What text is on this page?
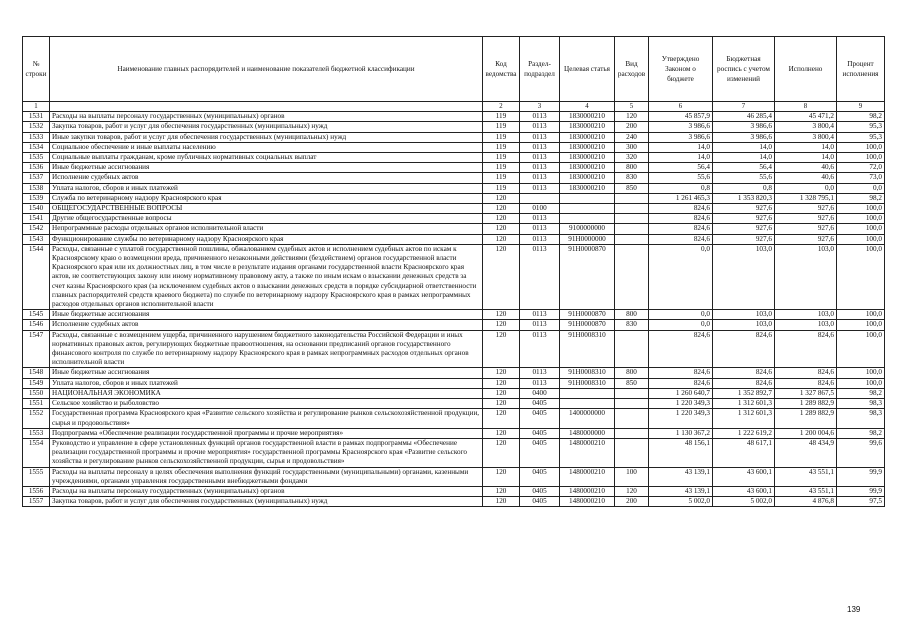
№ строки	Наименование главных распорядителей и наименование показателей бюджетной классификации	Код ведомства	Раздел-подраздел	Целевая статья	Вид расходов	Утверждено Законом о бюджете	Бюджетная роспись с учетом изменений	Исполнено	Процент исполнения
1		2	3	4	5	6	7	8	9
1531	Расходы на выплаты персоналу государственных (муниципальных) органов	119	0113	1830000210	120	45 857,9	46 285,4	45 471,2	98,2
1532	Закупка товаров, работ и услуг для обеспечения государственных (муниципальных) нужд	119	0113	1830000210	200	3 986,6	3 986,6	3 800,4	95,3
1533	Иные закупки товаров, работ и услуг для обеспечения государственных (муниципальных) нужд	119	0113	1830000210	240	3 986,6	3 986,6	3 800,4	95,3
1534	Социальное обеспечение и иные выплаты населению	119	0113	1830000210	300	14,0	14,0	14,0	100,0
1535	Социальные выплаты гражданам, кроме публичных нормативных социальных выплат	119	0113	1830000210	320	14,0	14,0	14,0	100,0
1536	Иные бюджетные ассигнования	119	0113	1830000210	800	56,4	56,4	40,6	72,0
1537	Исполнение судебных актов	119	0113	1830000210	830	55,6	55,6	40,6	73,0
1538	Уплата налогов, сборов и иных платежей	119	0113	1830000210	850	0,8	0,8	0,0	0,0
1539	Служба по ветеринарному надзору Красноярского края	120				1 261 465,3	1 353 820,3	1 328 795,1	98,2
1540	ОБЩЕГОСУДАРСТВЕННЫЕ ВОПРОСЫ	120	0100			824,6	927,6	927,6	100,0
1541	Другие общегосударственные вопросы	120	0113			824,6	927,6	927,6	100,0
1542	Непрограммные расходы отдельных органов исполнительной власти	120	0113	9100000000		824,6	927,6	927,6	100,0
1543	Функционирование службы по ветеринарному надзору Красноярского края	120	0113	91H0000000		824,6	927,6	927,6	100,0
1544	Расходы, связанные с уплатой государственной пошлины, обжалованием судебных актов и исполнением судебных актов по искам к Красноярскому краю о возмещении вреда, причиненного незаконными действиями (бездействием) органов государственной власти Красноярского края или их должностных лиц, в том числе в результате издания органами государственной власти Красноярского края актов, не соответствующих закону или иному нормативному правовому акту, а также по иным искам о взыскании денежных средств за счет казны Красноярского края (за исключением судебных актов о взыскании денежных средств в порядке субсидиарной ответственности главных распорядителей средств краевого бюджета) по службе по ветеринарному надзору Красноярского края в рамках непрограммных расходов отдельных органов исполнительной власти	120	0113	91H0000870		0,0	103,0	103,0	100,0
1545	Иные бюджетные ассигнования	120	0113	91H0000870	800	0,0	103,0	103,0	100,0
1546	Исполнение судебных актов	120	0113	91H0000870	830	0,0	103,0	103,0	100,0
1547	Расходы, связанные с возмещением ущерба, причиненного нарушением бюджетного законодательства Российской Федерации и иных нормативных правовых актов, регулирующих бюджетные правоотношения, на основании предписаний органов государственного финансового контроля по службе по ветеринарному надзору Красноярского края в рамках непрограммных расходов отдельных органов исполнительной власти	120	0113	91H0008310		824,6	824,6	824,6	100,0
1548	Иные бюджетные ассигнования	120	0113	91H0008310	800	824,6	824,6	824,6	100,0
1549	Уплата налогов, сборов и иных платежей	120	0113	91H0008310	850	824,6	824,6	824,6	100,0
1550	НАЦИОНАЛЬНАЯ ЭКОНОМИКА	120	0400			1 260 640,7	1 352 892,7	1 327 867,5	98,2
1551	Сельское хозяйство и рыболовство	120	0405			1 220 349,3	1 312 601,3	1 289 882,9	98,3
1552	Государственная программа Красноярского края «Развитие сельского хозяйства и регулирование рынков сельскохозяйственной продукции, сырья и продовольствия»	120	0405	1400000000		1 220 349,3	1 312 601,3	1 289 882,9	98,3
1553	Подпрограмма «Обеспечение реализации государственной программы и прочие мероприятия»	120	0405	1480000000		1 130 367,2	1 222 619,2	1 200 004,6	98,2
1554	Руководство и управление в сфере установленных функций органов государственной власти в рамках подпрограммы «Обеспечение реализации государственной программы и прочие мероприятия» государственной программы Красноярского края «Развитие сельского хозяйства и регулирование рынков сельскохозяйственной продукции, сырья и продовольствия»	120	0405	1480000210		48 156,1	48 617,1	48 434,9	99,6
1555	Расходы на выплаты персоналу в целях обеспечения выполнения функций государственными (муниципальными) органами, казенными учреждениями, органами управления государственными внебюджетными фондами	120	0405	1480000210	100	43 139,1	43 600,1	43 551,1	99,9
1556	Расходы на выплаты персоналу государственных (муниципальных) органов	120	0405	1480000210	120	43 139,1	43 600,1	43 551,1	99,9
1557	Закупка товаров, работ и услуг для обеспечения государственных (муниципальных) нужд	120	0405	1480000210	200	5 002,0	5 002,0	4 876,8	97,5
139
